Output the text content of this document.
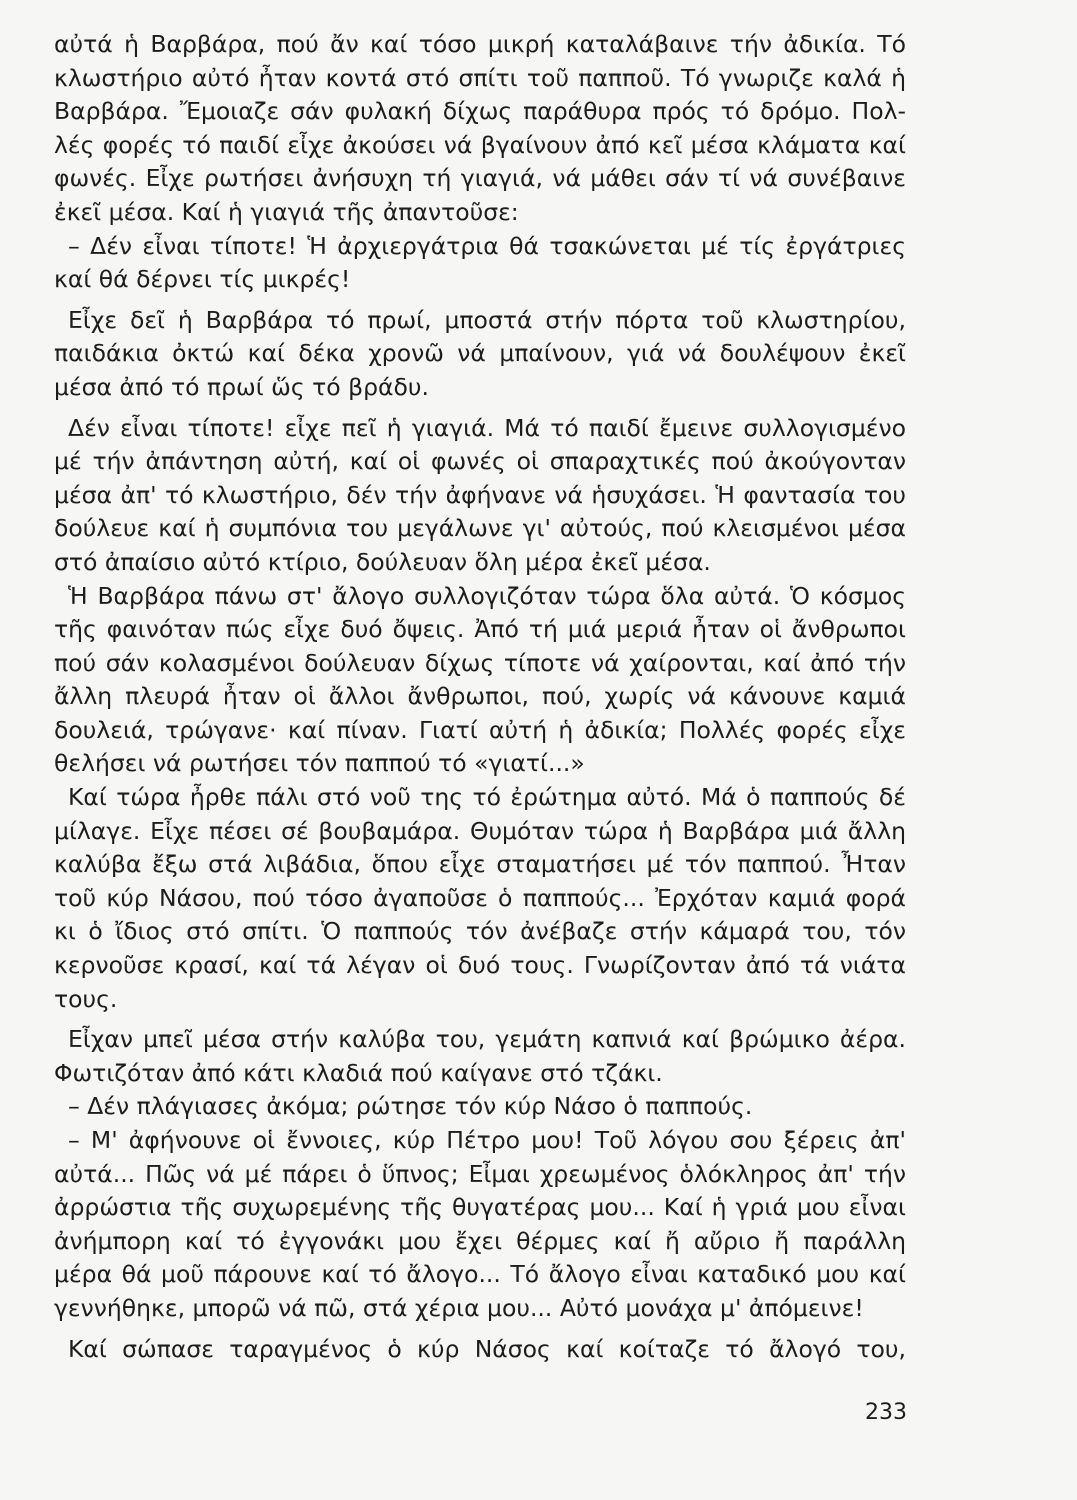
αὐτά ἡ Βαρβάρα, πού ἄν καί τόσο μικρή καταλάβαινε τήν ἀδικία. Τό
κλωστήριο αὐτό ἦταν κοντά στό σπίτι τοῦ παπποῦ. Τό γνωριζε καλά ἡ
Βαρβάρα. Ἔμοιαζε σάν φυλακή δίχως παράθυρα πρός τό δρόμο. Πολ-
λές φορές τό παιδί εἶχε ἀκούσει νά βγαίνουν ἀπό κεῖ μέσα κλάματα καί
φωνές. Εἶχε ρωτήσει ἀνήσυχη τή γιαγιά, νά μάθει σάν τί νά συνέβαινε
ἐκεῖ μέσα. Καί ἡ γιαγιά τῆς ἀπαντοῦσε:
– Δέν εἶναι τίποτε! Ἡ ἀρχιεργάτρια θά τσακώνεται μέ τίς ἐργάτριες
καί θά δέρνει τίς μικρές!
Εἶχε δεῖ ἡ Βαρβάρα τό πρωί, μποστά στήν πόρτα τοῦ κλωστηρίου,
παιδάκια ὀκτώ καί δέκα χρονῶ νά μπαίνουν, γιά νά δουλέψουν ἐκεῖ
μέσα ἀπό τό πρωί ὥς τό βράδυ.
Δέν εἶναι τίποτε! εἶχε πεῖ ἡ γιαγιά. Μά τό παιδί ἔμεινε συλλογισμένο
μέ τήν ἀπάντηση αὐτή, καί οἱ φωνές οἱ σπαραχτικές πού ἀκούγονταν
μέσα ἀπ' τό κλωστήριο, δέν τήν ἀφήνανε νά ἡσυχάσει. Ἡ φαντασία του
δούλευε καί ἡ συμπόνια του μεγάλωνε γι' αὐτούς, πού κλεισμένοι μέσα
στό ἀπαίσιο αὐτό κτίριο, δούλευαν ὅλη μέρα ἐκεῖ μέσα.
Ἡ Βαρβάρα πάνω στ' ἄλογο συλλογιζόταν τώρα ὅλα αὐτά. Ὁ κόσμος
τῆς φαινόταν πώς εἶχε δυό ὄψεις. Ἀπό τή μιά μεριά ἦταν οἱ ἄνθρωποι
πού σάν κολασμένοι δούλευαν δίχως τίποτε νά χαίρονται, καί ἀπό τήν
ἄλλη πλευρά ἦταν οἱ ἄλλοι ἄνθρωποι, πού, χωρίς νά κάνουνε καμιά
δουλειά, τρώγανε· καί πίναν. Γιατί αὐτή ἡ ἀδικία; Πολλές φορές εἶχε
θελήσει νά ρωτήσει τόν παππού τό «γιατί...»
Καί τώρα ἦρθε πάλι στό νοῦ της τό ἐρώτημα αὐτό. Μά ὁ παππούς δέ
μίλαγε. Εἶχε πέσει σέ βουβαμάρα. Θυμόταν τώρα ἡ Βαρβάρα μιά ἄλλη
καλύβα ἔξω στά λιβάδια, ὅπου εἶχε σταματήσει μέ τόν παππού. Ἦταν
τοῦ κύρ Νάσου, πού τόσο ἀγαποῦσε ὁ παππούς... Ἐρχόταν καμιά φορά
κι ὁ ἴδιος στό σπίτι. Ὁ παππούς τόν ἀνέβαζε στήν κάμαρά του, τόν
κερνοῦσε κρασί, καί τά λέγαν οἱ δυό τους. Γνωρίζονταν ἀπό τά νιάτα
τους.
Εἶχαν μπεῖ μέσα στήν καλύβα του, γεμάτη καπνιά καί βρώμικο ἀέρα.
Φωτιζόταν ἀπό κάτι κλαδιά πού καίγανε στό τζάκι.
– Δέν πλάγιασες ἀκόμα; ρώτησε τόν κύρ Νάσο ὁ παππούς.
– Μ' ἀφήνουνε οἱ ἔννοιες, κύρ Πέτρο μου! Τοῦ λόγου σου ξέρεις ἀπ'
αὐτά... Πῶς νά μέ πάρει ὁ ὕπνος; Εἶμαι χρεωμένος ὁλόκληρος ἀπ' τήν
ἀρρώστια τῆς συχωρεμένης τῆς θυγατέρας μου... Καί ἡ γριά μου εἶναι
ἀνήμπορη καί τό ἐγγονάκι μου ἔχει θέρμες καί ἤ αὔριο ἤ παράλλη
μέρα θά μοῦ πάρουνε καί τό ἄλογο... Τό ἄλογο εἶναι καταδικό μου καί
γεννήθηκε, μπορῶ νά πῶ, στά χέρια μου... Αὐτό μονάχα μ' ἀπόμεινε!
Καί σώπασε ταραγμένος ὁ κύρ Νάσος καί κοίταζε τό ἄλογό του,
233
